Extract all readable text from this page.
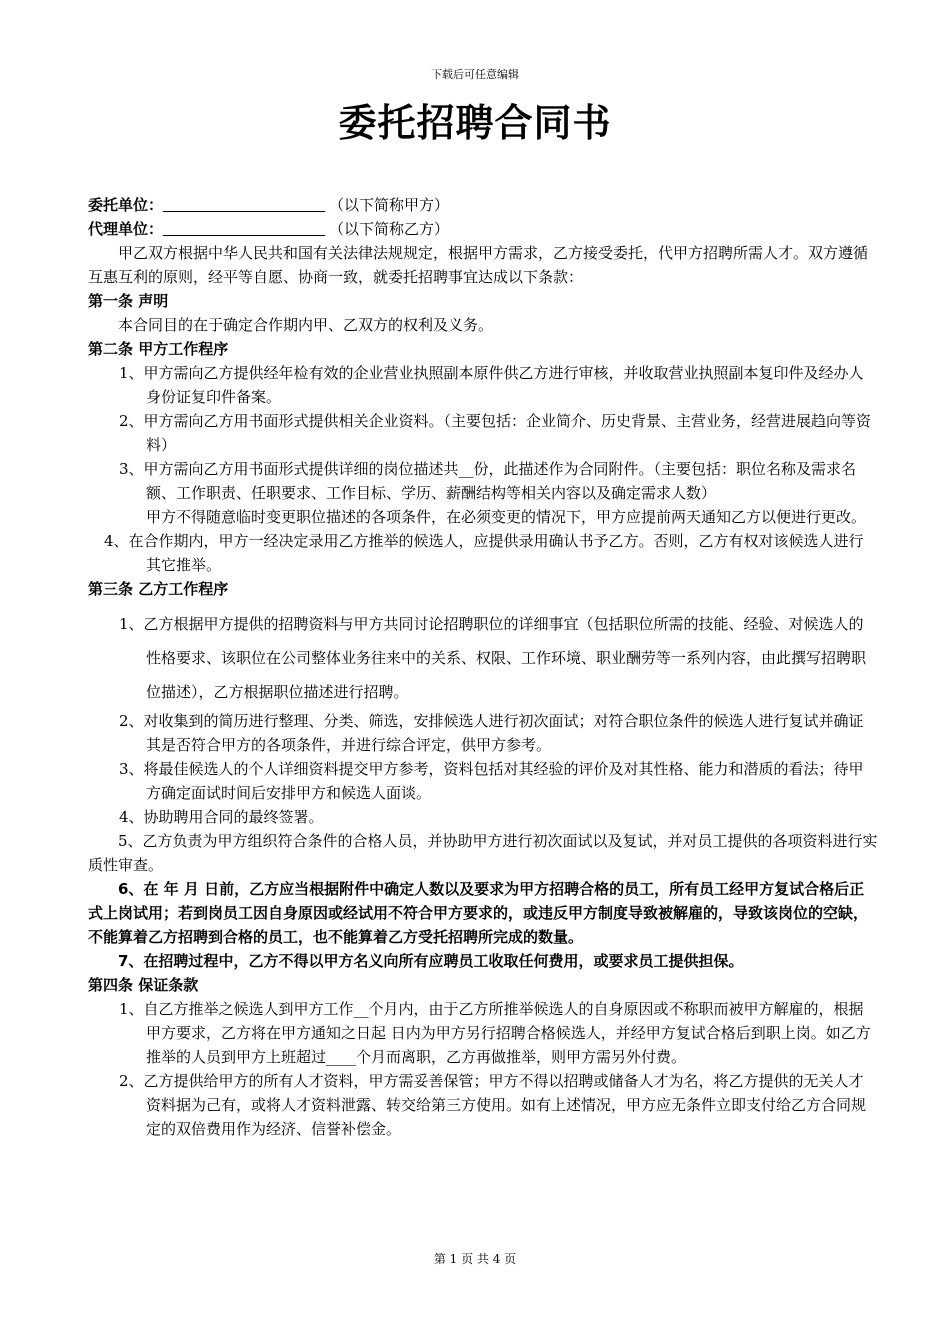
下载后可任意编辑
委托招聘合同书

委托单位：	（以下简称甲方）

代理单位：	（以下简称乙方）

甲乙双方根据中华人民共和国有关法律法规规定，根据甲方需求，乙方接受委托，代甲方招聘所需人才。双方遵循互惠互利的原则，经平等自愿、协商一致，就委托招聘事宜达成以下条款：

第一条 声明

本合同目的在于确定合作期内甲、乙双方的权利及义务。

第二条 甲方工作程序

1、甲方需向乙方提供经年检有效的企业营业执照副本原件供乙方进行审核，并收取营业执照副本复印件及经办人身份证复印件备案。

2、甲方需向乙方用书面形式提供相关企业资料。（主要包括：企业简介、历史背景、主营业务，经营进展趋向等资料）

3、甲方需向乙方用书面形式提供详细的岗位描述共__份，此描述作为合同附件。（主要包括：职位名称及需求名额、工作职责、任职要求、工作目标、学历、薪酬结构等相关内容以及确定需求人数）

甲方不得随意临时变更职位描述的各项条件，在必须变更的情况下，甲方应提前两天通知乙方以便进行更改。

4、在合作期内，甲方一经决定录用乙方推举的候选人，应提供录用确认书予乙方。否则，乙方有权对该候选人进行其它推举。

第三条 乙方工作程序

1、乙方根据甲方提供的招聘资料与甲方共同讨论招聘职位的详细事宜（包括职位所需的技能、经验、对候选人的性格要求、该职位在公司整体业务往来中的关系、权限、工作环境、职业酬劳等一系列内容，由此撰写招聘职位描述），乙方根据职位描述进行招聘。

2、对收集到的简历进行整理、分类、筛选，安排候选人进行初次面试；对符合职位条件的候选人进行复试并确证其是否符合甲方的各项条件，并进行综合评定，供甲方参考。

3、将最佳候选人的个人详细资料提交甲方参考，资料包括对其经验的评价及对其性格、能力和潜质的看法；待甲方确定面试时间后安排甲方和候选人面谈。

4、协助聘用合同的最终签署。

5、乙方负责为甲方组织符合条件的合格人员，并协助甲方进行初次面试以及复试，并对员工提供的各项资料进行实质性审查。

6、在 年 月 日前，乙方应当根据附件中确定人数以及要求为甲方招聘合格的员工，所有员工经甲方复试合格后正式上岗试用；若到岗员工因自身原因或经试用不符合甲方要求的，或违反甲方制度导致被解雇的，导致该岗位的空缺，不能算着乙方招聘到合格的员工，也不能算着乙方受托招聘所完成的数量。

7、在招聘过程中，乙方不得以甲方名义向所有应聘员工收取任何费用，或要求员工提供担保。

第四条 保证条款

1、自乙方推举之候选人到甲方工作__个月内，由于乙方所推举候选人的自身原因或不称职而被甲方解雇的，根据甲方要求，乙方将在甲方通知之日起 日内为甲方另行招聘合格候选人，并经甲方复试合格后到职上岗。如乙方推举的人员到甲方上班超过____个月而离职，乙方再做推举，则甲方需另外付费。

2、乙方提供给甲方的所有人才资料，甲方需妥善保管；甲方不得以招聘或储备人才为名，将乙方提供的无关人才资料据为己有，或将人才资料泄露、转交给第三方使用。如有上述情况，甲方应无条件立即支付给乙方合同规定的双倍费用作为经济、信誉补偿金。

第 1 页 共 4 页
